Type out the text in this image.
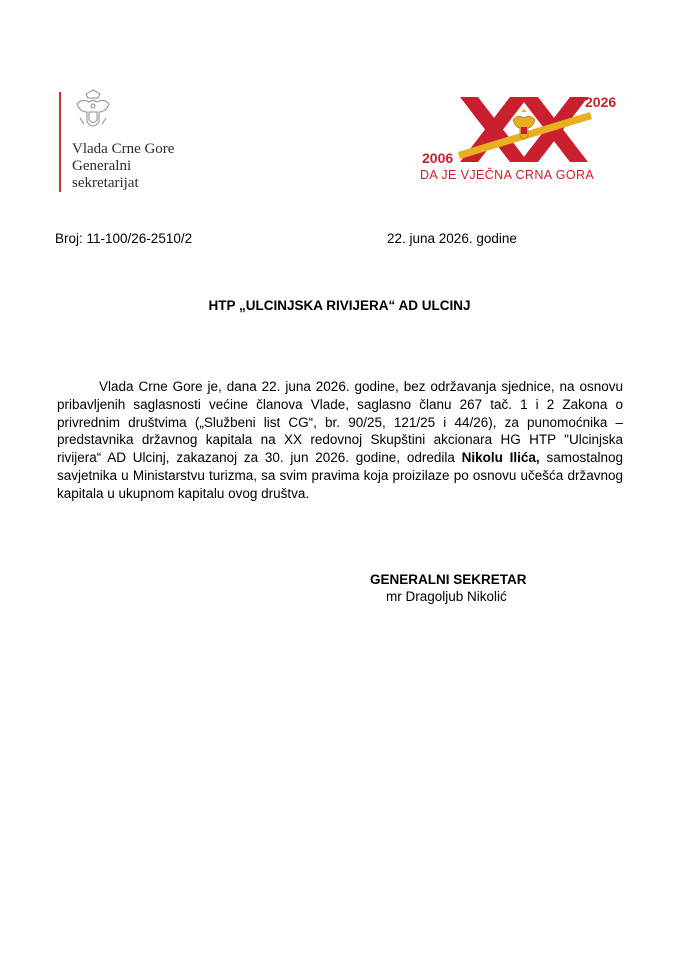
Vlada Crne Gore
Generalni
sekretarijat
2026
2006
DA JE VJEČNA CRNA GORA
Broj: 11-100/26-2510/2	22. juna 2026. godine
HTP „ULCINJSKA RIVIJERA“ AD ULCINJ
Vlada Crne Gore je, dana 22. juna 2026. godine, bez održavanja sjednice, na osnovu pribavljenih saglasnosti većine članova Vlade, saglasno članu 267 tač. 1 i 2 Zakona o privrednim društvima („Službeni list CG“, br. 90/25, 121/25 i 44/26), za punomoćnika – predstavnika državnog kapitala na XX redovnoj Skupštini akcionara HG HTP "Ulcinjska rivijera“ AD Ulcinj, zakazanoj za 30. jun 2026. godine, odredila Nikolu Ilića, samostalnog savjetnika u Ministarstvu turizma, sa svim pravima koja proizilaze po osnovu učešća državnog kapitala u ukupnom kapitalu ovog društva.
GENERALNI SEKRETAR
mr Dragoljub Nikolić
